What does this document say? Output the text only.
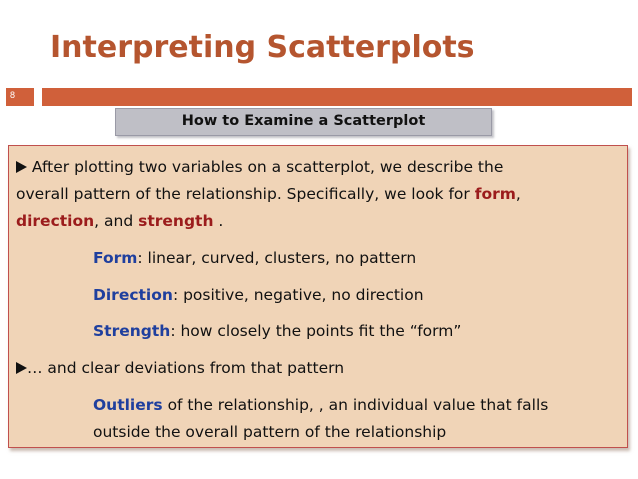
Interpreting Scatterplots
8
How to Examine a Scatterplot
After plotting two variables on a scatterplot, we describe the
overall pattern of the relationship. Specifically, we look for form,
direction, and strength .
Form: linear, curved, clusters, no pattern
Direction: positive, negative, no direction
Strength: how closely the points fit the “form”
… and clear deviations from that pattern
Outliers of the relationship, , an individual value that falls
outside the overall pattern of the relationship
